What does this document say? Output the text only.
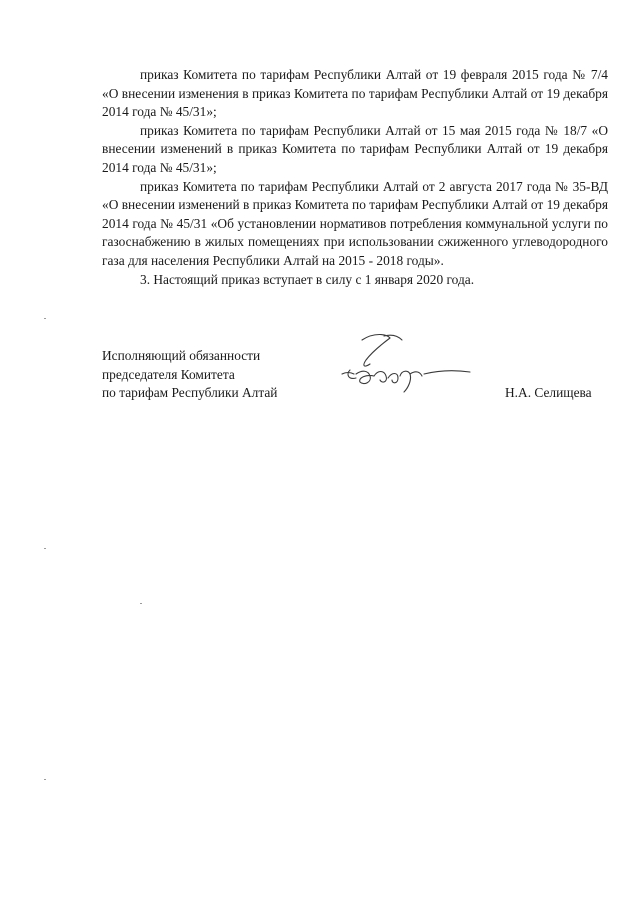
приказ Комитета по тарифам Республики Алтай от 19 февраля 2015 года № 7/4 «О внесении изменения в приказ Комитета по тарифам Республики Алтай от 19 декабря 2014 года № 45/31»;

приказ Комитета по тарифам Республики Алтай от 15 мая 2015 года № 18/7 «О внесении изменений в приказ Комитета по тарифам Республики Алтай от 19 декабря 2014 года № 45/31»;

приказ Комитета по тарифам Республики Алтай от 2 августа 2017 года № 35-ВД «О внесении изменений в приказ Комитета по тарифам Республики Алтай от 19 декабря 2014 года № 45/31 «Об установлении нормативов потребления коммунальной услуги по газоснабжению в жилых помещениях при использовании сжиженного углеводородного газа для населения Республики Алтай на 2015 - 2018 годы».

3. Настоящий приказ вступает в силу с 1 января 2020 года.

Исполняющий обязанности
председателя Комитета
по тарифам Республики Алтай	Н.А. Селищева
